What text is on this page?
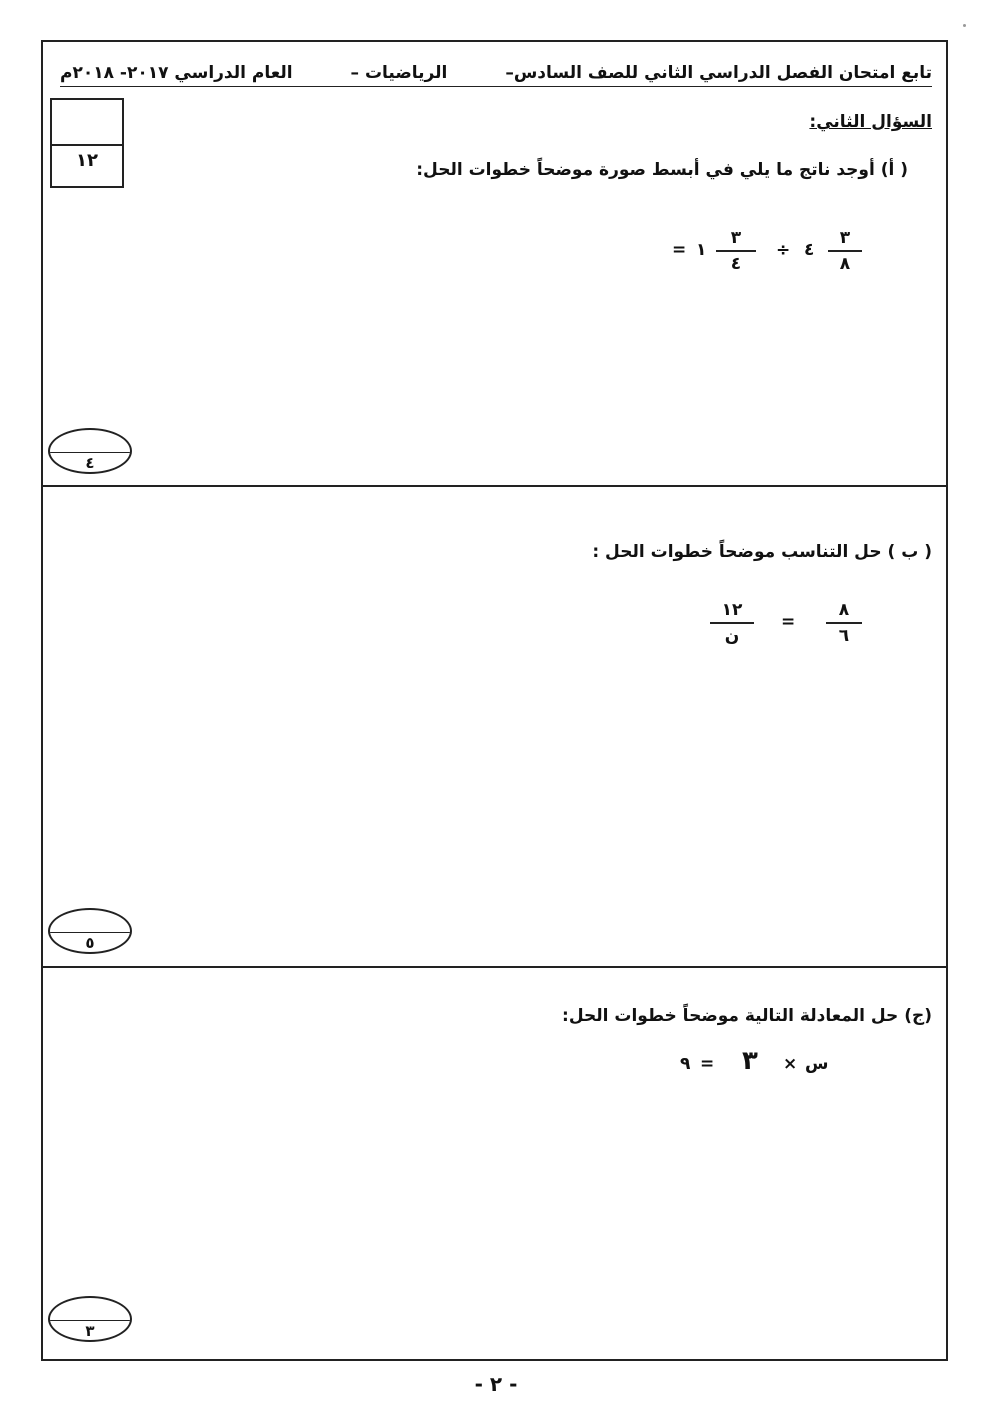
تابع امتحان الفصل الدراسي الثاني للصف السادس–
الرياضيات –
العام الدراسي ٢٠١٧- ٢٠١٨م
١٢
السؤال الثاني:
( أ) أوجد ناتج ما يلي في أبسط صورة موضحاً خطوات الحل:
٣
٨
٤
÷
٣
٤
١
=
٤
( ب ) حل التناسب موضحاً خطوات الحل :
٨
٦
=
١٢
ن
٥
(ج) حل المعادلة التالية موضحاً خطوات الحل:
س
×
٣
=
٩
٣
- ٢ -
